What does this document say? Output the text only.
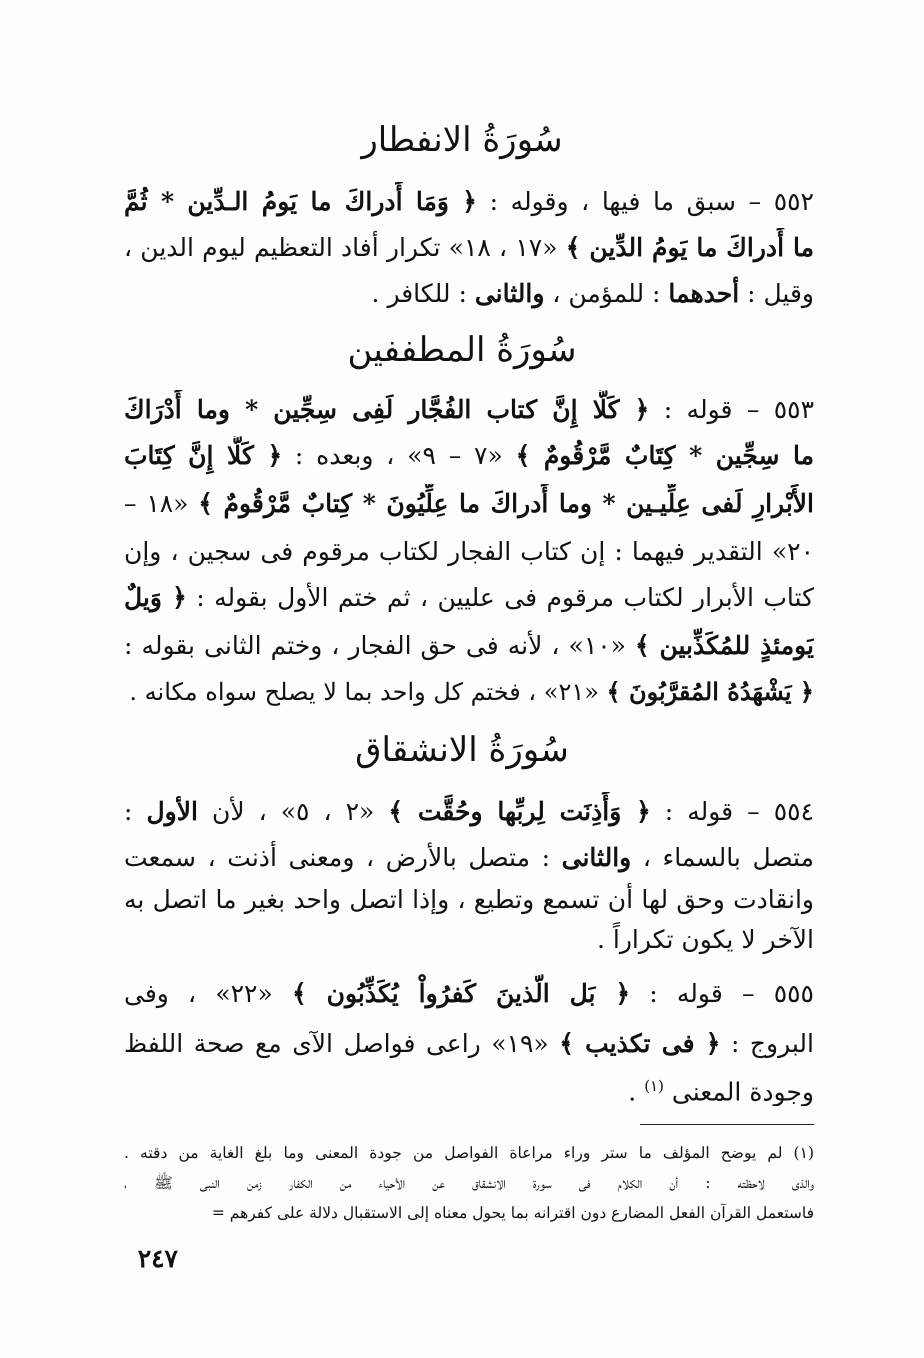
سُورَةُ الانفطار
٥٥٢ – سبق ما فيها ، وقوله : ﴿ وَمَا أَدراكَ ما يَومُ الـدِّين * ثُمَّ
ما أَدراكَ ما يَومُ الدِّين ﴾ «١٧ ، ١٨» تكرار أفاد التعظيم ليوم الدين ،
وقيل : أحدهما : للمؤمن ، والثانى : للكافر .
سُورَةُ المطففين
٥٥٣ – قوله : ﴿ كَلَّا إِنَّ كتاب الفُجَّار لَفِى سِجِّين * وما أَدْرَاكَ
ما سِجِّين * كِتَابٌ مَّرْقُومٌ ﴾ «٧ – ٩» ، وبعده : ﴿ كَلَّا إِنَّ كِتَابَ
الأَبْرارِ لَفى عِلِّيـين * وما أَدراكَ ما عِلِّيُونَ * كِتابٌ مَّرْقُومٌ ﴾ «١٨ –
٢٠» التقدير فيهما : إن كتاب الفجار لكتاب مرقوم فى سجين ، وإن
كتاب الأبرار لكتاب مرقوم فى عليين ، ثم ختم الأول بقوله : ﴿ وَيلٌ
يَومئذٍ للمُكَذِّبين ﴾ «١٠» ، لأنه فى حق الفجار ، وختم الثانى بقوله :
﴿ يَشْهَدُهُ المُقرَّبُونَ ﴾ «٢١» ، فختم كل واحد بما لا يصلح سواه مكانه .
سُورَةُ الانشقاق
٥٥٤ – قوله : ﴿ وَأَذِنَت لِربِّها وحُقَّت ﴾ «٢ ، ٥» ، لأن الأول :
متصل بالسماء ، والثانى : متصل بالأرض ، ومعنى أذنت ، سمعت
وانقادت وحق لها أن تسمع وتطيع ، وإذا اتصل واحد بغير ما اتصل به
الآخر لا يكون تكراراً .
٥٥٥ – قوله : ﴿ بَل الّذينَ كَفرُواْ يُكَذِّبُون ﴾ «٢٢» ، وفى
البروج : ﴿ فى تكذيب ﴾ «١٩» راعى فواصل الآى مع صحة اللفظ
وجودة المعنى $^{(١)}$ .
(١) لم يوضح المؤلف ما ستر وراء مراعاة الفواصل من جودة المعنى وما بلغ الغاية من دقته .
والذى لاحظته : أن الكلام فى سورة الانشقاق عن الأحياء من الكفار زمن النبى ﷺ ،
فاستعمل القرآن الفعل المضارع دون اقترانه بما يحول معناه إلى الاستقبال دلالة على كفرهم =
٢٤٧
